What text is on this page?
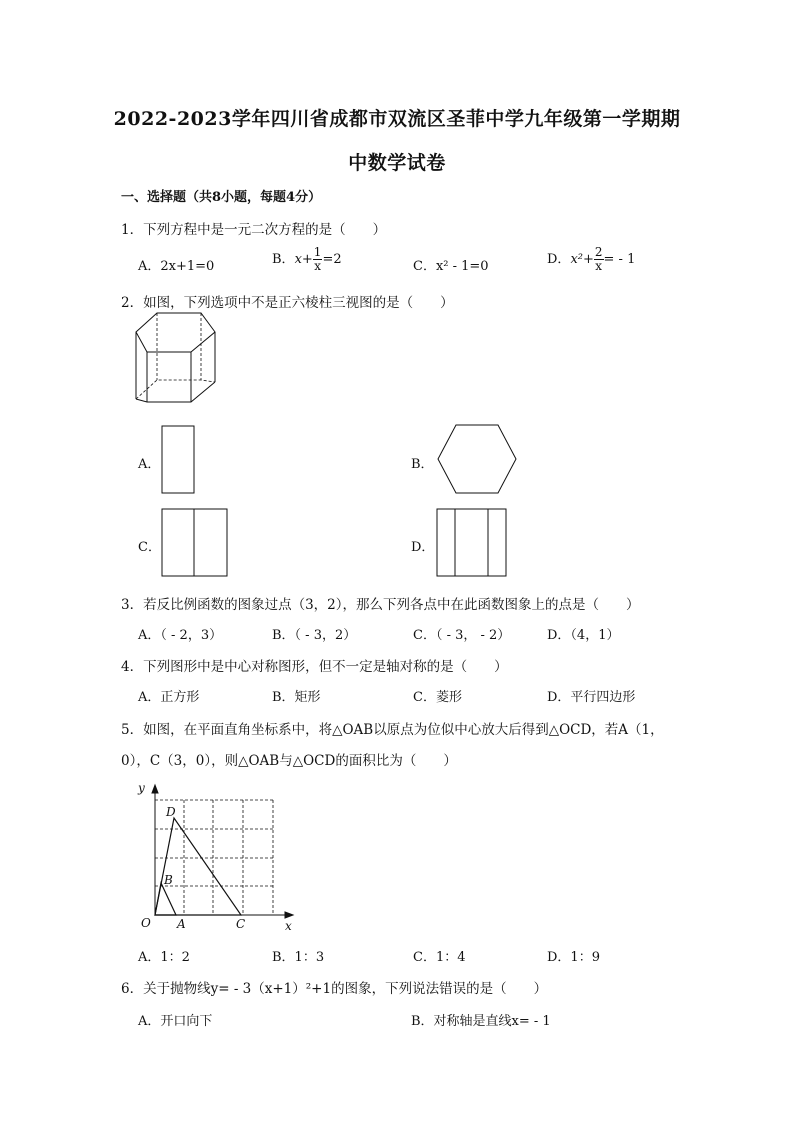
2022-2023学年四川省成都市双流区圣菲中学九年级第一学期期
中数学试卷
一、选择题（共8小题，每题4分）
1．下列方程中是一元二次方程的是（　　）
A．2x+1=0	B．$x+ \frac{1}{x} =2$	C．x² - 1=0	D．$x^2+ \frac{2}{x}$ = - 1
2．如图，下列选项中不是正六棱柱三视图的是（　　）
A．	B．
C．	D．
3．若反比例函数的图象过点（3，2），那么下列各点中在此函数图象上的点是（　　）
A．（ - 2，3）	B．（ - 3，2）	C．（ - 3， - 2）	D．（4，1）
4．下列图形中是中心对称图形，但不一定是轴对称的是（　　）
A．正方形	B．矩形	C．菱形	D．平行四边形
5．如图，在平面直角坐标系中，将△OAB以原点为位似中心放大后得到△OCD，若A（1，
0），C（3，0），则△OAB与△OCD的面积比为（　　）
y
x
O A
B
C
D
A．1：2	B．1：3	C．1：4	D．1：9
6．关于抛物线y= - 3（x+1）²+1的图象，下列说法错误的是（　　）
A．开口向下	B．对称轴是直线x= - 1
